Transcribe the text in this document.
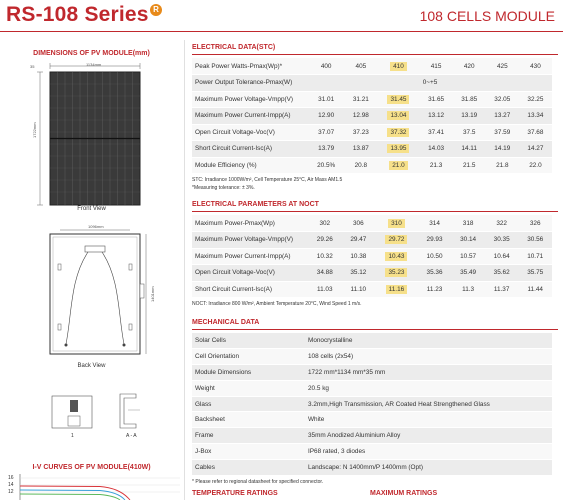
RS-108 Series R	108 CELLS MODULE
DIMENSIONS OF PV MODULE(mm)
1134mm
35
1722mm
Front View
1096mm
1401mm
Back View
1	A - A
I-V CURVES OF PV MODULE(410W)
16
14
12
ELECTRICAL DATA(STC)
Peak Power Watts-Pmax(Wp)*	400	405	410	415	420	425	430
Power Output Tolerance-Pmax(W)	0~+5						
Maximum Power Voltage-Vmpp(V)	31.01	31.21	31.45	31.65	31.85	32.05	32.25
Maximum Power Current-Impp(A)	12.90	12.98	13.04	13.12	13.19	13.27	13.34
Open Circuit Voltage-Voc(V)	37.07	37.23	37.32	37.41	37.5	37.59	37.68
Short Circuit Current-Isc(A)	13.79	13.87	13.95	14.03	14.11	14.19	14.27
Module Efficiency (%)	20.5%	20.8	21.0	21.3	21.5	21.8	22.0
STC: Irradiance 1000W/m², Cell Temperature 25°C, Air Mass AM1.5
*Measuring tolerance: ± 3%.
ELECTRICAL PARAMETERS AT NOCT
Maximum Power-Pmax(Wp)	302	306	310	314	318	322	326
Maximum Power Voltage-Vmpp(V)	29.26	29.47	29.72	29.93	30.14	30.35	30.56
Maximum Power Current-Impp(A)	10.32	10.38	10.43	10.50	10.57	10.64	10.71
Open Circuit Voltage-Voc(V)	34.88	35.12	35.23	35.36	35.49	35.62	35.75
Short Circuit Current-Isc(A)	11.03	11.10	11.16	11.23	11.3	11.37	11.44
NOCT: Irradiance 800 W/m², Ambient Temperature 20°C, Wind Speed 1 m/s.
MECHANICAL DATA
Solar Cells	Monocrystalline
Cell Orientation	108 cells (2x54)
Module Dimensions	1722 mm*1134 mm*35 mm
Weight	20.5 kg
Glass	3.2mm,High Transmission, AR Coated Heat Strengthened Glass
Backsheet	White
Frame	35mm Anodized Aluminium Alloy
J-Box	IP68 rated, 3 diodes
Cables	Landscape: N 1400mm/P 1400mm (Opt)
* Please refer to regional datasheet for specified connector.
TEMPERATURE RATINGS	MAXIMUM RATINGS
